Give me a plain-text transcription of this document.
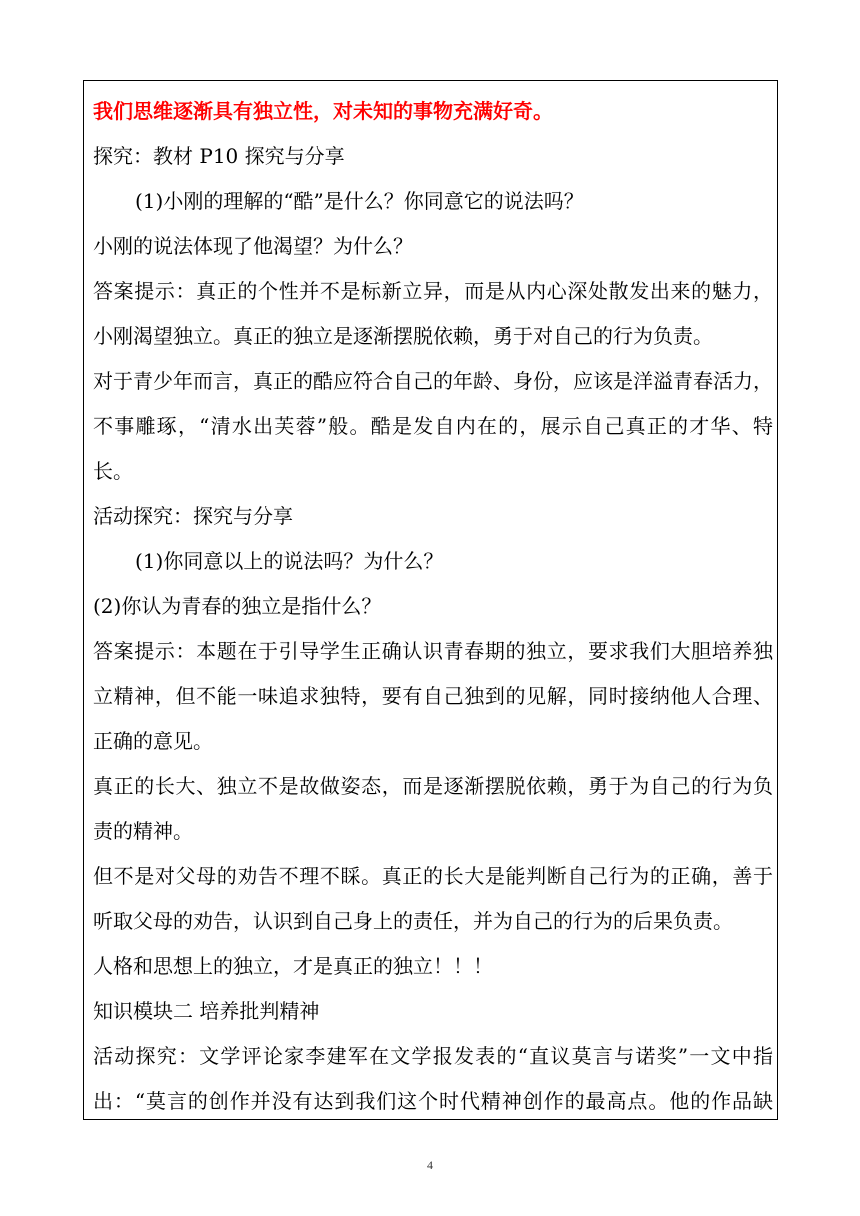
我们思维逐渐具有独立性，对未知的事物充满好奇。
探究：教材 P10 探究与分享
(1)小刚的理解的“酷”是什么？你同意它的说法吗？
小刚的说法体现了他渴望？为什么？
答案提示：真正的个性并不是标新立异，而是从内心深处散发出来的魅力，
小刚渴望独立。真正的独立是逐渐摆脱依赖，勇于对自己的行为负责。
对于青少年而言，真正的酷应符合自己的年龄、身份，应该是洋溢青春活力，
不事雕琢，“清水出芙蓉”般。酷是发自内在的，展示自己真正的才华、特
长。
活动探究：探究与分享
(1)你同意以上的说法吗？为什么？
(2)你认为青春的独立是指什么？
答案提示：本题在于引导学生正确认识青春期的独立，要求我们大胆培养独
立精神，但不能一味追求独特，要有自己独到的见解，同时接纳他人合理、
正确的意见。
真正的长大、独立不是故做姿态，而是逐渐摆脱依赖，勇于为自己的行为负
责的精神。
但不是对父母的劝告不理不睬。真正的长大是能判断自己行为的正确，善于
听取父母的劝告，认识到自己身上的责任，并为自己的行为的后果负责。
人格和思想上的独立，才是真正的独立！！！
知识模块二 培养批判精神
活动探究：文学评论家李建军在文学报发表的“直议莫言与诺奖”一文中指
出：“莫言的创作并没有达到我们这个时代精神创作的最高点。他的作品缺
4
